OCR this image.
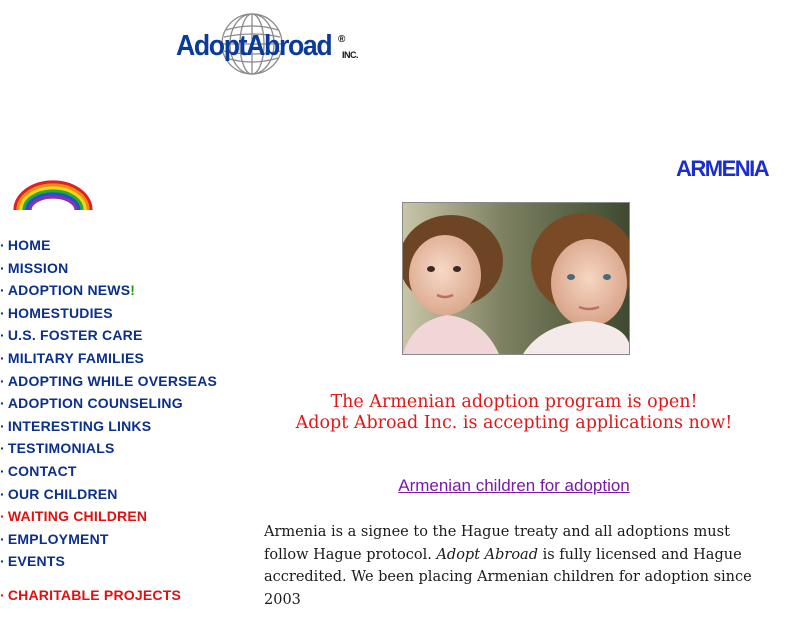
AdoptAbroad ®
INC.
ARMENIA
· HOME
· MISSION
· ADOPTION NEWS!
· HOMESTUDIES
· U.S. FOSTER CARE
· MILITARY FAMILIES
· ADOPTING WHILE OVERSEAS
· ADOPTION COUNSELING
· INTERESTING LINKS
· TESTIMONIALS
· CONTACT
· OUR CHILDREN
· WAITING CHILDREN
· EMPLOYMENT
· EVENTS
· CHARITABLE PROJECTS
The Armenian adoption program is open!
Adopt Abroad Inc. is accepting applications now!
Armenian children for adoption

Armenia is a signee to the Hague treaty and all adoptions must follow Hague protocol. Adopt Abroad is fully licensed and Hague accredited. We been placing Armenian children for adoption since 2003
